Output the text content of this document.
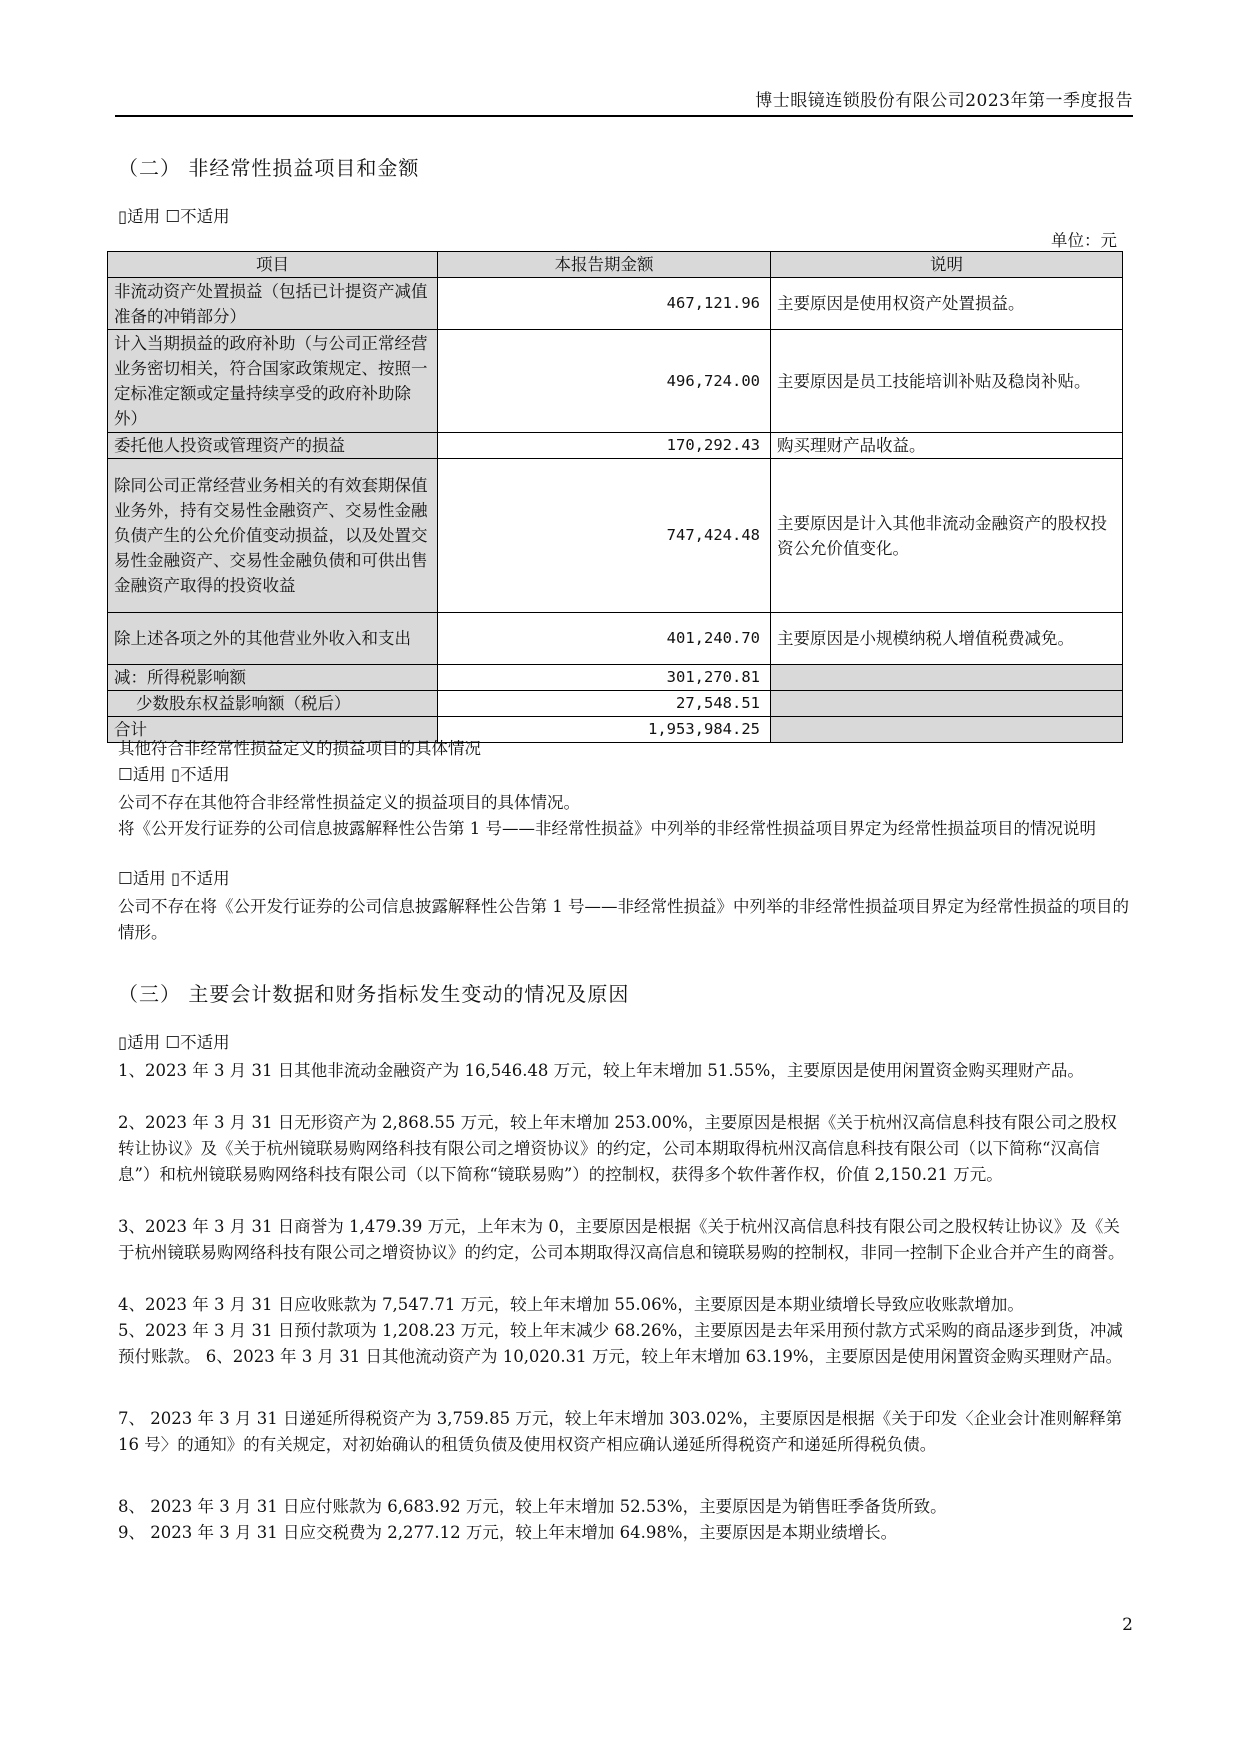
博士眼镜连锁股份有限公司2023年第一季度报告
（二） 非经常性损益项目和金额
▯适用 ☐不适用
单位：元
项目	本报告期金额	说明
非流动资产处置损益（包括已计提资产减值准备的冲销部分）	467,121.96	主要原因是使用权资产处置损益。
计入当期损益的政府补助（与公司正常经营业务密切相关，符合国家政策规定、按照一定标准定额或定量持续享受的政府补助除外）	496,724.00	主要原因是员工技能培训补贴及稳岗补贴。
委托他人投资或管理资产的损益	170,292.43	购买理财产品收益。
除同公司正常经营业务相关的有效套期保值业务外，持有交易性金融资产、交易性金融负债产生的公允价值变动损益，以及处置交易性金融资产、交易性金融负债和可供出售金融资产取得的投资收益	747,424.48	主要原因是计入其他非流动金融资产的股权投资公允价值变化。
除上述各项之外的其他营业外收入和支出	401,240.70	主要原因是小规模纳税人增值税费减免。
减：所得税影响额	301,270.81	
少数股东权益影响额（税后）	27,548.51	
合计	1,953,984.25	
其他符合非经常性损益定义的损益项目的具体情况
☐适用 ▯不适用
公司不存在其他符合非经常性损益定义的损益项目的具体情况。
将《公开发行证券的公司信息披露解释性公告第 1 号——非经常性损益》中列举的非经常性损益项目界定为经常性损益项目的情况说明
☐适用 ▯不适用
公司不存在将《公开发行证券的公司信息披露解释性公告第 1 号——非经常性损益》中列举的非经常性损益项目界定为经常性损益的项目的情形。
（三） 主要会计数据和财务指标发生变动的情况及原因
▯适用 ☐不适用
1、2023 年 3 月 31 日其他非流动金融资产为 16,546.48 万元，较上年末增加 51.55%，主要原因是使用闲置资金购买理财产品。
2、2023 年 3 月 31 日无形资产为 2,868.55 万元，较上年末增加 253.00%，主要原因是根据《关于杭州汉高信息科技有限公司之股权转让协议》及《关于杭州镜联易购网络科技有限公司之增资协议》的约定，公司本期取得杭州汉高信息科技有限公司（以下简称“汉高信息”）和杭州镜联易购网络科技有限公司（以下简称“镜联易购”）的控制权，获得多个软件著作权，价值 2,150.21 万元。
3、2023 年 3 月 31 日商誉为 1,479.39 万元，上年末为 0，主要原因是根据《关于杭州汉高信息科技有限公司之股权转让协议》及《关于杭州镜联易购网络科技有限公司之增资协议》的约定，公司本期取得汉高信息和镜联易购的控制权，非同一控制下企业合并产生的商誉。
4、2023 年 3 月 31 日应收账款为 7,547.71 万元，较上年末增加 55.06%，主要原因是本期业绩增长导致应收账款增加。
5、2023 年 3 月 31 日预付款项为 1,208.23 万元，较上年末减少 68.26%，主要原因是去年采用预付款方式采购的商品逐步到货，冲减预付账款。 6、2023 年 3 月 31 日其他流动资产为 10,020.31 万元，较上年末增加 63.19%，主要原因是使用闲置资金购买理财产品。
7、 2023 年 3 月 31 日递延所得税资产为 3,759.85 万元，较上年末增加 303.02%，主要原因是根据《关于印发〈企业会计准则解释第 16 号〉的通知》的有关规定，对初始确认的租赁负债及使用权资产相应确认递延所得税资产和递延所得税负债。
8、 2023 年 3 月 31 日应付账款为 6,683.92 万元，较上年末增加 52.53%，主要原因是为销售旺季备货所致。
9、 2023 年 3 月 31 日应交税费为 2,277.12 万元，较上年末增加 64.98%，主要原因是本期业绩增长。
2
